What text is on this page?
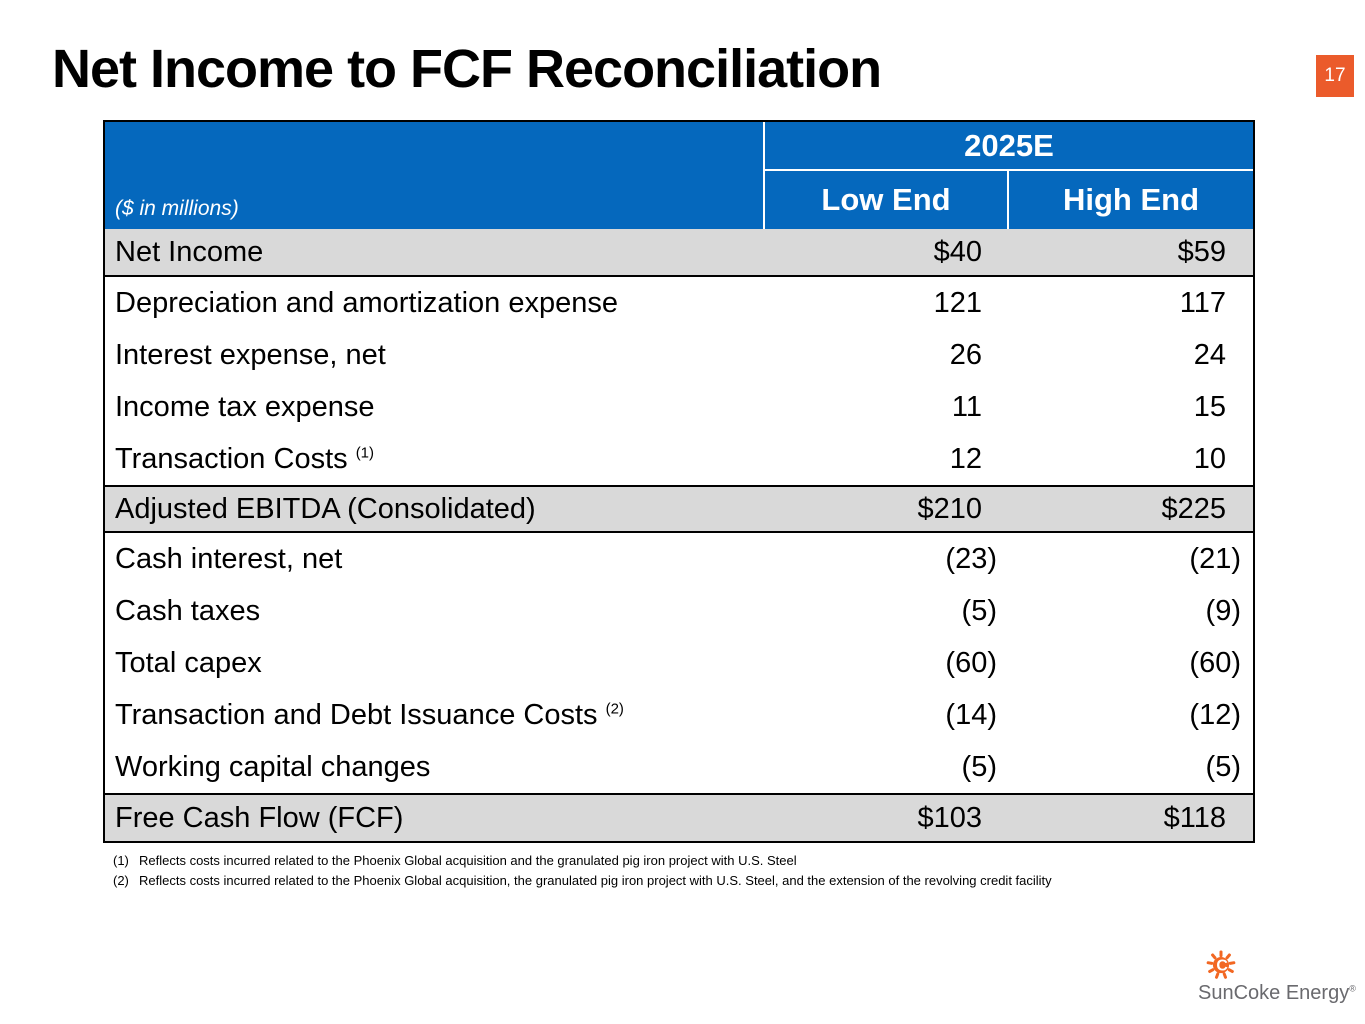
Net Income to FCF Reconciliation	17
($ in millions)
2025E
Low End	High End
Net Income	$40	$59
Depreciation and amortization expense	121	117
Interest expense, net	26	24
Income tax expense	11	15
Transaction Costs $^{(1)}$	12	10
Adjusted EBITDA (Consolidated)	$210	$225
Cash interest, net	(23)	(21)
Cash taxes	(5)	(9)
Total capex	(60)	(60)
Transaction and Debt Issuance Costs $^{(2)}$	(14)	(12)
Working capital changes	(5)	(5)
Free Cash Flow (FCF)	$103	$118
(1) Reflects costs incurred related to the Phoenix Global acquisition and the granulated pig iron project with U.S. Steel
(2) Reflects costs incurred related to the Phoenix Global acquisition, the granulated pig iron project with U.S. Steel, and the extension of the revolving credit facility
C
SunCoke Energy®
